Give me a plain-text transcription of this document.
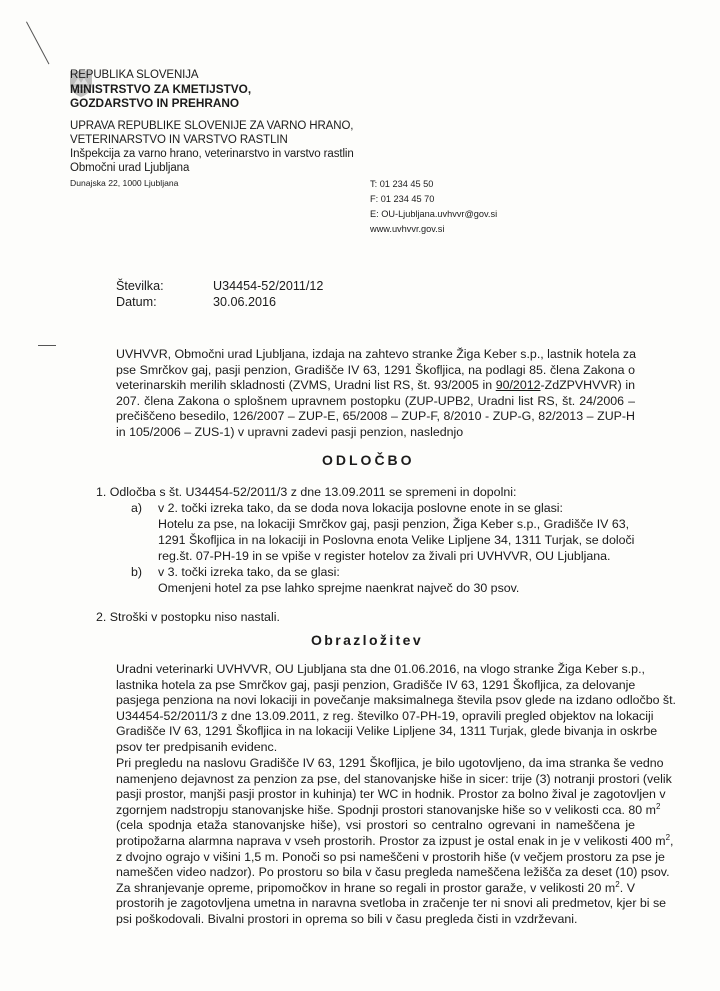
REPUBLIKA SLOVENIJA

MINISTRSTVO ZA KMETIJSTVO,

GOZDARSTVO IN PREHRANO

UPRAVA REPUBLIKE SLOVENIJE ZA VARNO HRANO,

VETERINARSTVO IN VARSTVO RASTLIN

Inšpekcija za varno hrano, veterinarstvo in varstvo rastlin

Območni urad Ljubljana

Dunajska 22, 1000 Ljubljana	T: 01 234 45 50

F: 01 234 45 70

E: OU-Ljubljana.uvhvvr@gov.si

www.uvhvvr.gov.si

Številka:	U34454-52/2011/12

Datum:	30.06.2016

UVHVVR, Območni urad Ljubljana, izdaja na zahtevo stranke Žiga Keber s.p., lastnik hotela za
pse Smrčkov gaj, pasji penzion, Gradišče IV 63, 1291 Škofljica, na podlagi 85. člena Zakona o
veterinarskih merilih skladnosti (ZVMS, Uradni list RS, št. 93/2005 in 90/2012-ZdZPVHVVR) in
207. člena Zakona o splošnem upravnem postopku (ZUP-UPB2, Uradni list RS, št. 24/2006 –
prečiščeno besedilo, 126/2007 – ZUP-E, 65/2008 – ZUP-F, 8/2010 - ZUP-G, 82/2013 – ZUP-H
in 105/2006 – ZUS-1) v upravni zadevi pasji penzion, naslednjo

ODLOČBO

1. Odločba s št. U34454-52/2011/3 z dne 13.09.2011 se spremeni in dopolni:

a) v 2. točki izreka tako, da se doda nova lokacija poslovne enote in se glasi:

Hotelu za pse, na lokaciji Smrčkov gaj, pasji penzion, Žiga Keber s.p., Gradišče IV 63,

1291 Škofljica in na lokaciji in Poslovna enota Velike Lipljene 34, 1311 Turjak, se določi

reg.št. 07-PH-19 in se vpiše v register hotelov za živali pri UVHVVR, OU Ljubljana.

b) v 3. točki izreka tako, da se glasi:

Omenjeni hotel za pse lahko sprejme naenkrat največ do 30 psov.

2. Stroški v postopku niso nastali.

Obrazložitev

Uradni veterinarki UVHVVR, OU Ljubljana sta dne 01.06.2016, na vlogo stranke Žiga Keber s.p.,
lastnika hotela za pse Smrčkov gaj, pasji penzion, Gradišče IV 63, 1291 Škofljica, za delovanje
pasjega penziona na novi lokaciji in povečanje maksimalnega števila psov glede na izdano odločbo št.
U34454-52/2011/3 z dne 13.09.2011, z reg. številko 07-PH-19, opravili pregled objektov na lokaciji
Gradišče IV 63, 1291 Škofljica in na lokaciji Velike Lipljene 34, 1311 Turjak, glede bivanja in oskrbe
psov ter predpisanih evidenc.
Pri pregledu na naslovu Gradišče IV 63, 1291 Škofljica, je bilo ugotovljeno, da ima stranka še vedno
namenjeno dejavnost za penzion za pse, del stanovanjske hiše in sicer: trije (3) notranji prostori (velik
pasji prostor, manjši pasji prostor in kuhinja) ter WC in hodnik. Prostor za bolno žival je zagotovljen v
zgornjem nadstropju stanovanjske hiše. Spodnji prostori stanovanjske hiše so v velikosti cca. 80 $m^2$
(cela spodnja etaža stanovanjske hiše), vsi prostori so centralno ogrevani in nameščena je
protipožarna alarmna naprava v vseh prostorih. Prostor za izpust je ostal enak in je v velikosti 400 $m^2$,
z dvojno ograjo v višini 1,5 m. Ponoči so psi nameščeni v prostorih hiše (v večjem prostoru za pse je
nameščen video nadzor). Po prostoru so bila v času pregleda nameščena ležišča za deset (10) psov.
Za shranjevanje opreme, pripomočkov in hrane so regali in prostor garaže, v velikosti 20 $m^2$. V
prostorih je zagotovljena umetna in naravna svetloba in zračenje ter ni snovi ali predmetov, kjer bi se
psi poškodovali. Bivalni prostori in oprema so bili v času pregleda čisti in vzdrževani.
